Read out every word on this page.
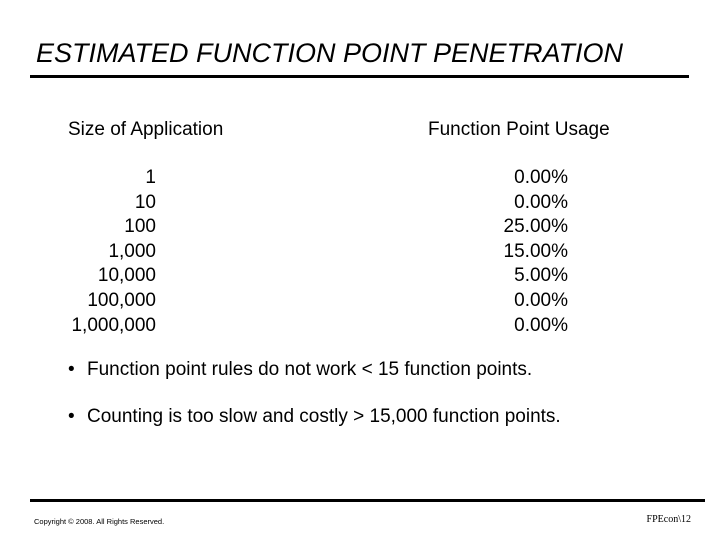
ESTIMATED FUNCTION POINT PENETRATION
Size of Application	Function Point Usage
1
10
100
1,000
10,000
100,000
1,000,000
0.00%
0.00%
25.00%
15.00%
5.00%
0.00%
0.00%
• Function point rules do not work < 15 function points.
• Counting is too slow and costly > 15,000 function points.
Copyright © 2008. All Rights Reserved.	FPEcon\12
